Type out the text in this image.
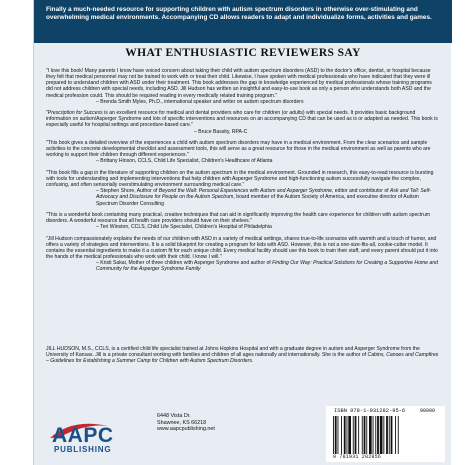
Finally a much-needed resource for supporting children with autism spectrum disorders in otherwise over-stimulating and overwhelming medical environments. Accompanying CD allows readers to adapt and individualize forms, activities and games.
WHAT ENTHUSIASTIC REVIEWERS SAY

"I love this book! Many parents I know have voiced concern about taking their child with autism spectrum disorders (ASD) to the doctor's office, dentist, or hospital because they felt that medical personnel may not be trained to work with or treat their child. Likewise, I have spoken with medical professionals who have indicated that they were ill prepared to understand children with ASD under their treatment. This book addresses the gap in knowledge experienced by medical professionals whose training programs did not address children with special needs, including ASD. Jill Hudson has written an insightful and easy-to-use book as only a person who understands both ASD and the medical profession could. This should be required reading in every medically related training program."

– Brenda Smith Myles, Ph.D., international speaker and writer on autism spectrum disorders

"Prescription for Success is an excellent resource for medical and dental providers who care for children (or adults) with special needs. It provides basic background information on autism/Asperger Syndrome and lots of specific interventions and resources on an accompanying CD that can be used as is or adapted as needed. This book is especially useful for hospital settings and procedure-based care."

– Bruce Bassity, RPA-C

"This book gives a detailed overview of the experiences a child with autism spectrum disorders may have in a medical environment. From the clear scenarios and sample activities to the concrete developmental checklist and assessment tools, this will serve as a great resource for those in the medical environment as well as parents who are working to support their children through different experiences."

– Brittany Hinson, CCLS, Child Life Specialist, Children's Healthcare of Atlanta

"This book fills a gap in the literature of supporting children on the autism spectrum in the medical environment. Grounded in research, this easy-to-read resource is bursting with tools for understanding and implementing interventions that help children with Asperger Syndrome and high-functioning autism successfully navigate the complex, confusing, and often sensorially overstimulating environment surrounding medical care."

– Stephen Shore, Author of Beyond the Wall: Personal Experiences with Autism and Asperger Syndrome, editor and contributor of Ask and Tell: Self-Advocacy and Disclosure for People on the Autism Spectrum, board member of the Autism Society of America, and executive director of Autism Spectrum Disorder Consulting

"This is a wonderful book containing many practical, creative techniques that can aid in significantly improving the health care experience for children with autism spectrum disorders. A wonderful resource that all health care providers should have on their shelves."

– Teri Winston, CCLS, Child Life Specialist, Children's Hospital of Philadelphia

"Jill Hudson compassionately explains the needs of our children with ASD in a variety of medical settings, shares true-to-life scenarios with warmth and a touch of humor, and offers a variety of strategies and interventions. It is a solid blueprint for creating a program for kids with ASD. However, this is not a one-size-fits-all, cookie-cutter model. It contains the essential ingredients to make it a custom fit for each unique child. Every medical facility should use this book to train their staff, and every parent should put it into the hands of the medical professionals who work with their child. I know I will."

– Kristi Sakai, Mother of three children with Asperger Syndrome and author of Finding Our Way: Practical Solutions for Creating a Supportive Home and Community for the Asperger Syndrome Family

JILL HUDSON, M.S., CCLS, is a certified child life specialist trained at Johns Hopkins Hospital and with a graduate degree in autism and Asperger Syndrome from the University of Kansas. Jill is a private consultant working with families and children of all ages nationally and internationally. She is the author of Cabins, Canoes and Campfires – Guidelines for Establishing a Summer Camp for Children with Autism Spectrum Disorders.

AAPC
PUBLISHING
6448 Vista Dr.
Shawnee, KS 66218
www.aapcpublishing.net
ISBN 978-1-931282-95-6	90000
9 781931 282956
